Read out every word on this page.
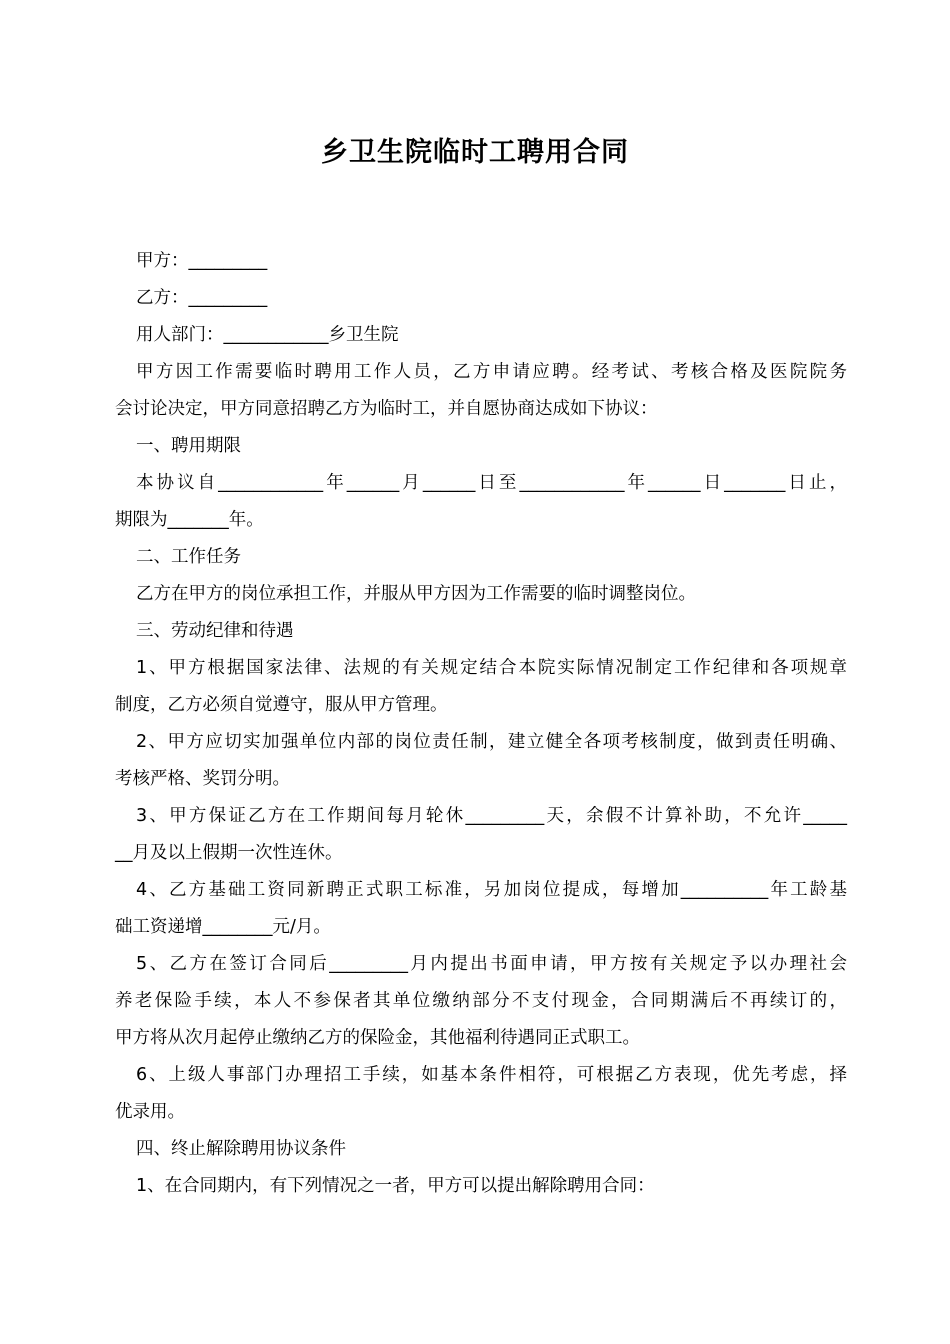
乡卫生院临时工聘用合同
甲方：_________
乙方：_________
用人部门：____________乡卫生院
甲方因工作需要临时聘用工作人员，乙方申请应聘。经考试、考核合格及医院院务
会讨论决定，甲方同意招聘乙方为临时工，并自愿协商达成如下协议：
一、聘用期限
本协议自____________年______月______日至____________年______日_______日止，
期限为_______年。
二、工作任务
乙方在甲方的岗位承担工作，并服从甲方因为工作需要的临时调整岗位。
三、劳动纪律和待遇
1、甲方根据国家法律、法规的有关规定结合本院实际情况制定工作纪律和各项规章
制度，乙方必须自觉遵守，服从甲方管理。
2、甲方应切实加强单位内部的岗位责任制，建立健全各项考核制度，做到责任明确、
考核严格、奖罚分明。
3、甲方保证乙方在工作期间每月轮休_________天，余假不计算补助，不允许_____
__月及以上假期一次性连休。
4、乙方基础工资同新聘正式职工标准，另加岗位提成，每增加__________年工龄基
础工资递增________元/月。
5、乙方在签订合同后_________月内提出书面申请，甲方按有关规定予以办理社会
养老保险手续，本人不参保者其单位缴纳部分不支付现金，合同期满后不再续订的，
甲方将从次月起停止缴纳乙方的保险金，其他福利待遇同正式职工。
6、上级人事部门办理招工手续，如基本条件相符，可根据乙方表现，优先考虑，择
优录用。
四、终止解除聘用协议条件
1、在合同期内，有下列情况之一者，甲方可以提出解除聘用合同：
